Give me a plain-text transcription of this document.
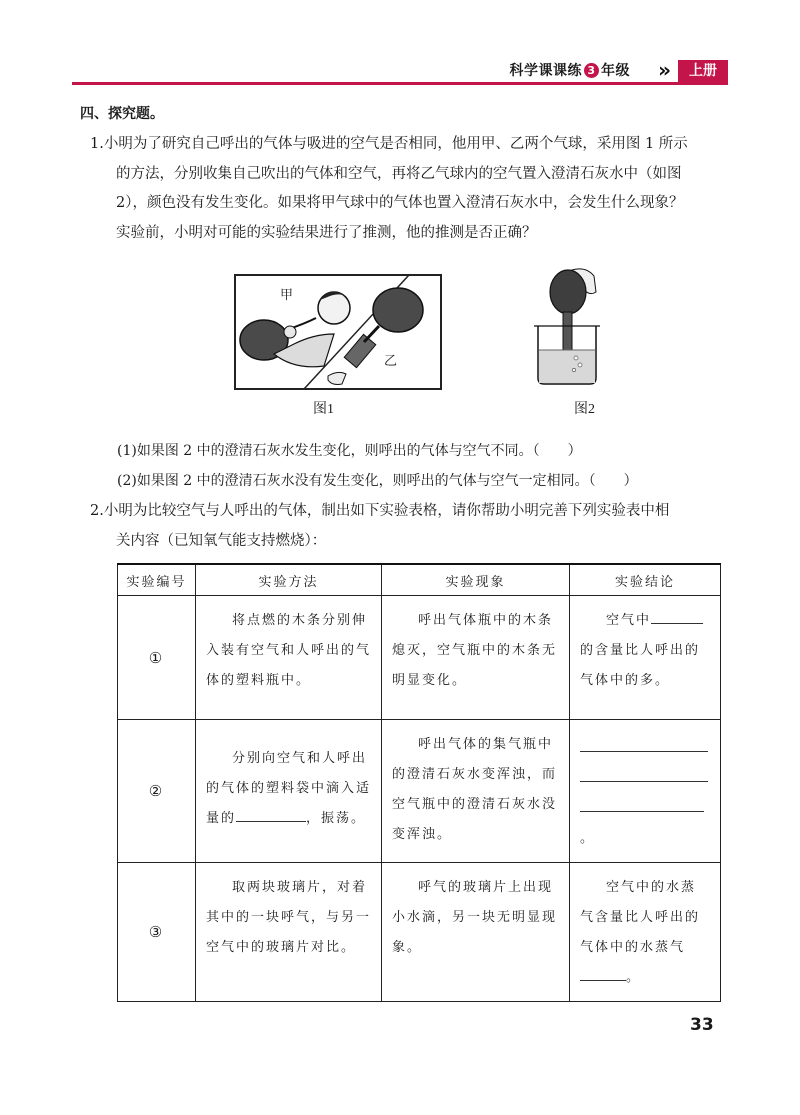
科学课课练 3 年级 »	上册
四、探究题。
1.小明为了研究自己呼出的气体与吸进的空气是否相同，他用甲、乙两个气球，采用图 1 所示
的方法，分别收集自己吹出的气体和空气，再将乙气球内的空气置入澄清石灰水中（如图
2），颜色没有发生变化。如果将甲气球中的气体也置入澄清石灰水中，会发生什么现象？
实验前，小明对可能的实验结果进行了推测，他的推测是否正确？
甲
乙
图1	图2
(1)如果图 2 中的澄清石灰水发生变化，则呼出的气体与空气不同。（　　）
(2)如果图 2 中的澄清石灰水没有发生变化，则呼出的气体与空气一定相同。（　　）
2.小明为比较空气与人呼出的气体，制出如下实验表格，请你帮助小明完善下列实验表中相
关内容（已知氧气能支持燃烧）：
实验编号	实验方法	实验现象	实验结论
①	将点燃的木条分别伸入装有空气和人呼出的气体的塑料瓶中。	呼出气体瓶中的木条熄灭，空气瓶中的木条无明显变化。	空气中的含量比人呼出的气体中的多。

②	分别向空气和人呼出的气体的塑料袋中滴入适量的 ，振荡。	呼出气体的集气瓶中的澄清石灰水变浑浊，而空气瓶中的澄清石灰水没变浑浊。	。

③	取两块玻璃片，对着其中的一块呼气，与另一空气中的玻璃片对比。	呼气的玻璃片上出现小水滴，另一块无明显现象。	空气中的水蒸气含量比人呼出的气体中的水蒸气。
33
